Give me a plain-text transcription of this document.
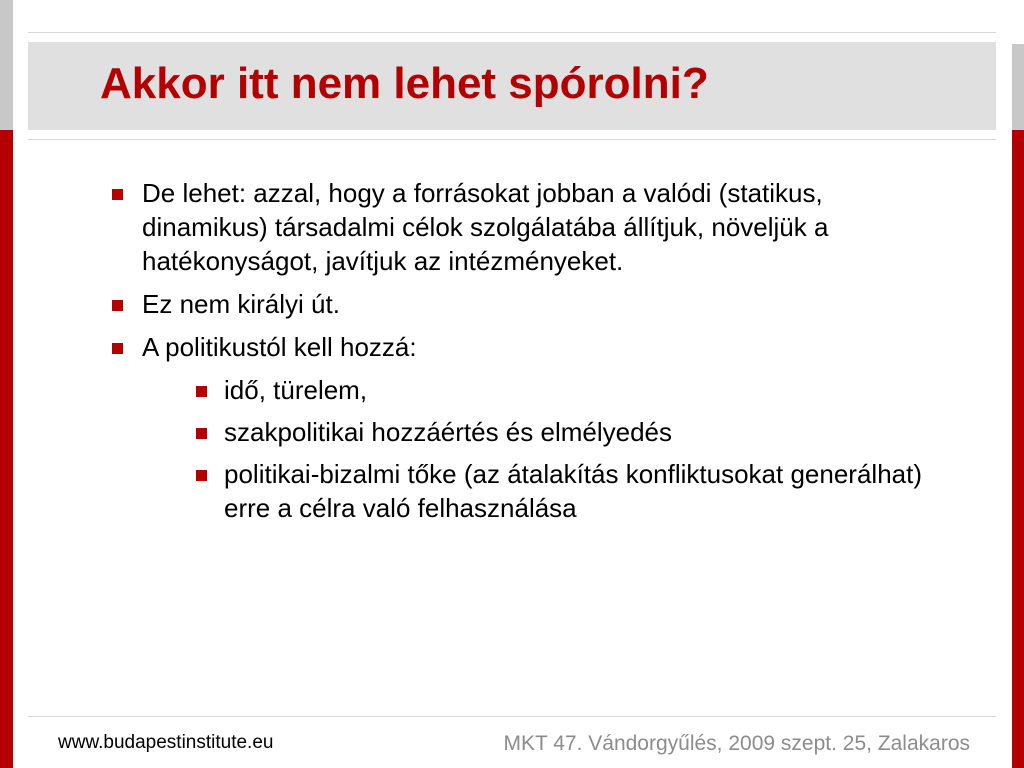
Akkor itt nem lehet spórolni?
De lehet: azzal, hogy a forrásokat jobban a valódi (statikus, dinamikus) társadalmi célok szolgálatába állítjuk, növeljük a hatékonyságot, javítjuk az intézményeket.
Ez nem királyi út.
A politikustól kell hozzá:
idő, türelem,
szakpolitikai hozzáértés és elmélyedés
politikai-bizalmi tőke (az átalakítás konfliktusokat generálhat) erre a célra való felhasználása
www.budapestinstitute.eu	MKT 47. Vándorgyűlés, 2009 szept. 25, Zalakaros
